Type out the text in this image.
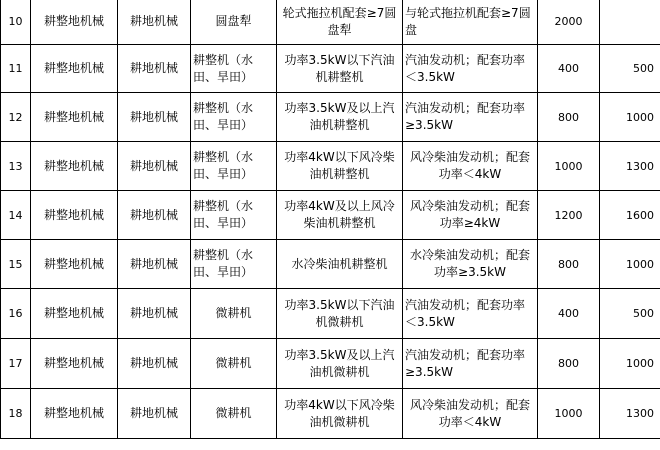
10	耕整地机械	耕地机械	圆盘犁	轮式拖拉机配套≥7圆盘犁	与轮式拖拉机配套≥7圆盘	2000	
11	耕整地机械	耕地机械	耕整机（水田、旱田）	功率3.5kW以下汽油机耕整机	汽油发动机；配套功率＜3.5kW	400	500
12	耕整地机械	耕地机械	耕整机（水田、旱田）	功率3.5kW及以上汽油机耕整机	汽油发动机；配套功率≥3.5kW	800	1000
13	耕整地机械	耕地机械	耕整机（水田、旱田）	功率4kW以下风冷柴油机耕整机	风冷柴油发动机；配套功率＜4kW	1000	1300
14	耕整地机械	耕地机械	耕整机（水田、旱田）	功率4kW及以上风冷柴油机耕整机	风冷柴油发动机；配套功率≥4kW	1200	1600
15	耕整地机械	耕地机械	耕整机（水田、旱田）	水冷柴油机耕整机	水冷柴油发动机；配套功率≥3.5kW	800	1000
16	耕整地机械	耕地机械	微耕机	功率3.5kW以下汽油机微耕机	汽油发动机；配套功率＜3.5kW	400	500
17	耕整地机械	耕地机械	微耕机	功率3.5kW及以上汽油机微耕机	汽油发动机；配套功率≥3.5kW	800	1000
18	耕整地机械	耕地机械	微耕机	功率4kW以下风冷柴油机微耕机	风冷柴油发动机；配套功率＜4kW	1000	1300
